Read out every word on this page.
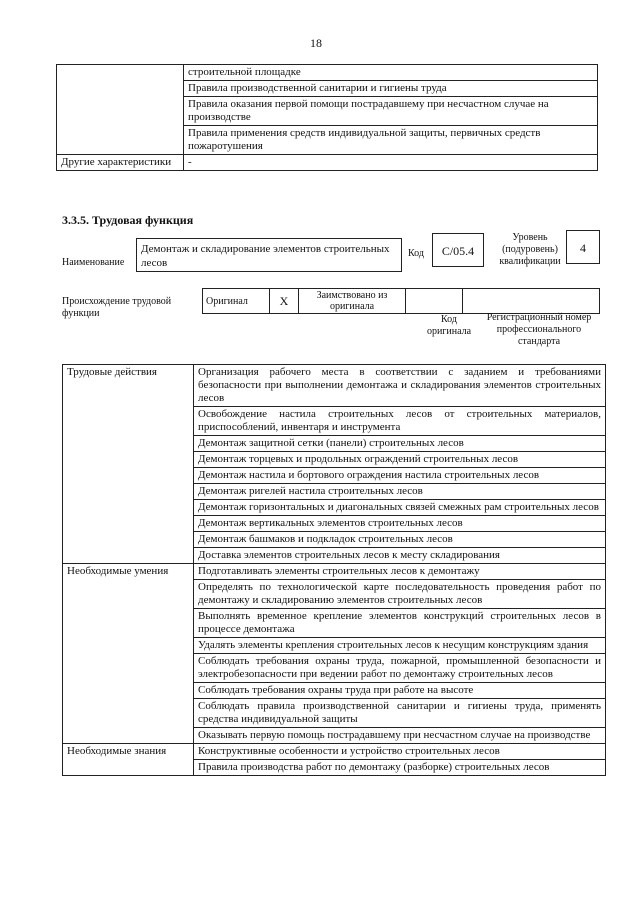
18
	строительной площадке
	Правила производственной санитарии и гигиены труда
	Правила оказания первой помощи пострадавшему при несчастном случае на производстве
	Правила применения средств индивидуальной защиты, первичных средств пожаротушения
Другие характеристики	-
3.3.5. Трудовая функция
Наименование
Демонтаж и складирование элементов строительных лесов
Код	C/05.4
Уровень (подуровень) квалификации
4
Происхождение трудовой функции
Оригинал	X	Заимствовано из оригинала		
Код оригинала
Регистрационный номер профессионального стандарта
Трудовые действия	Организация рабочего места в соответствии с заданием и требованиями безопасности при выполнении демонтажа и складирования элементов строительных лесов
	Освобождение настила строительных лесов от строительных материалов, приспособлений, инвентаря и инструмента
	Демонтаж защитной сетки (панели) строительных лесов
	Демонтаж торцевых и продольных ограждений строительных лесов
	Демонтаж настила и бортового ограждения настила строительных лесов
	Демонтаж ригелей настила строительных лесов
	Демонтаж горизонтальных и диагональных связей смежных рам строительных лесов
	Демонтаж вертикальных элементов строительных лесов
	Демонтаж башмаков и подкладок строительных лесов
	Доставка элементов строительных лесов к месту складирования
Необходимые умения	Подготавливать элементы строительных лесов к демонтажу
	Определять по технологической карте последовательность проведения работ по демонтажу и складированию элементов строительных лесов
	Выполнять временное крепление элементов конструкций строительных лесов в процессе демонтажа
	Удалять элементы крепления строительных лесов к несущим конструкциям здания
	Соблюдать требования охраны труда, пожарной, промышленной безопасности и электробезопасности при ведении работ по демонтажу строительных лесов
	Соблюдать требования охраны труда при работе на высоте
	Соблюдать правила производственной санитарии и гигиены труда, применять средства индивидуальной защиты
	Оказывать первую помощь пострадавшему при несчастном случае на производстве
Необходимые знания	Конструктивные особенности и устройство строительных лесов
	Правила производства работ по демонтажу (разборке) строительных лесов
